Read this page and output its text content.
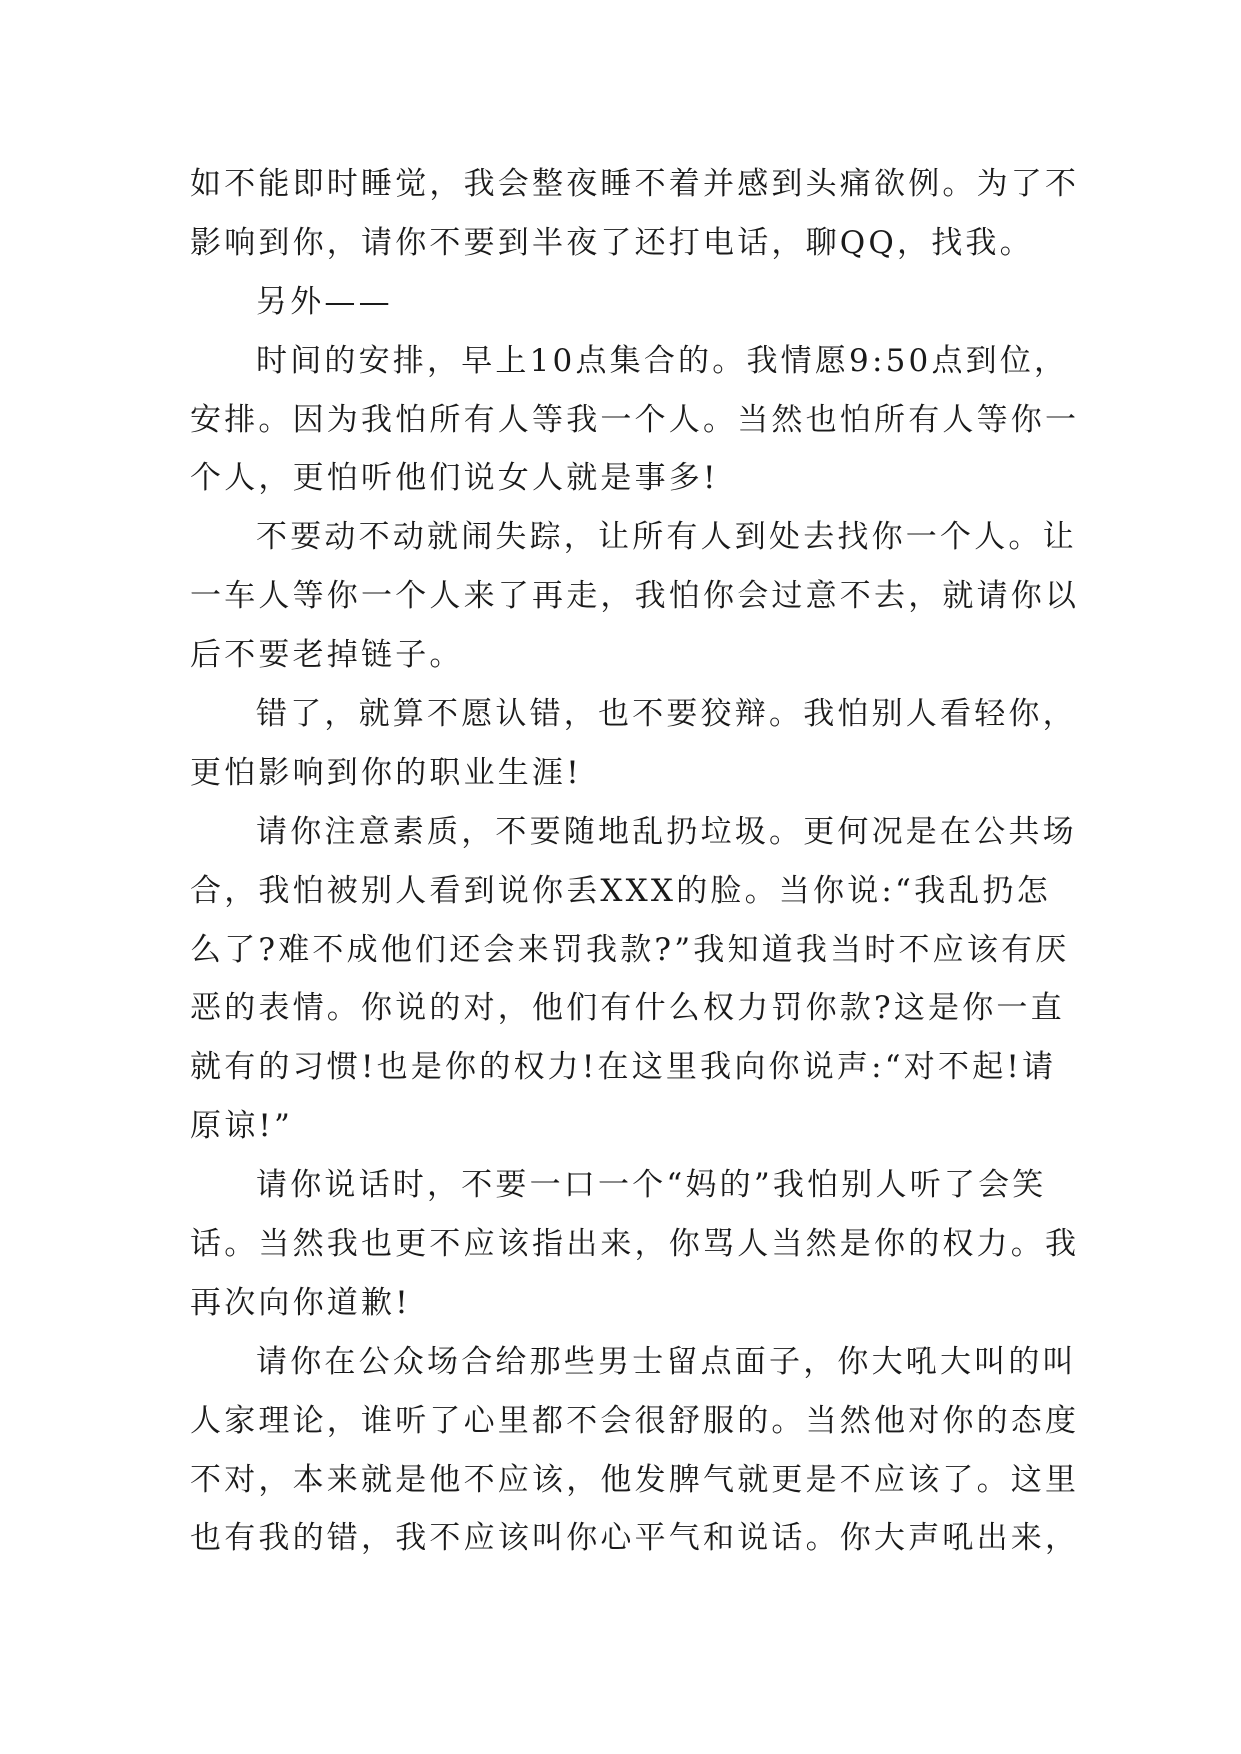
如不能即时睡觉，我会整夜睡不着并感到头痛欲例。为了不
影响到你，请你不要到半夜了还打电话，聊QQ，找我。
另外——
时间的安排，早上10点集合的。我情愿9:50点到位，
安排。因为我怕所有人等我一个人。当然也怕所有人等你一
个人，更怕听他们说女人就是事多!
不要动不动就闹失踪，让所有人到处去找你一个人。让
一车人等你一个人来了再走，我怕你会过意不去，就请你以
后不要老掉链子。
错了，就算不愿认错，也不要狡辩。我怕别人看轻你，
更怕影响到你的职业生涯!
请你注意素质，不要随地乱扔垃圾。更何况是在公共场
合，我怕被别人看到说你丢XXX的脸。当你说:“我乱扔怎
么了?难不成他们还会来罚我款?”我知道我当时不应该有厌
恶的表情。你说的对，他们有什么权力罚你款?这是你一直
就有的习惯!也是你的权力!在这里我向你说声:“对不起!请
原谅!”
请你说话时，不要一口一个“妈的”我怕别人听了会笑
话。当然我也更不应该指出来，你骂人当然是你的权力。我
再次向你道歉!
请你在公众场合给那些男士留点面子，你大吼大叫的叫
人家理论，谁听了心里都不会很舒服的。当然他对你的态度
不对，本来就是他不应该，他发脾气就更是不应该了。这里
也有我的错，我不应该叫你心平气和说话。你大声吼出来，
